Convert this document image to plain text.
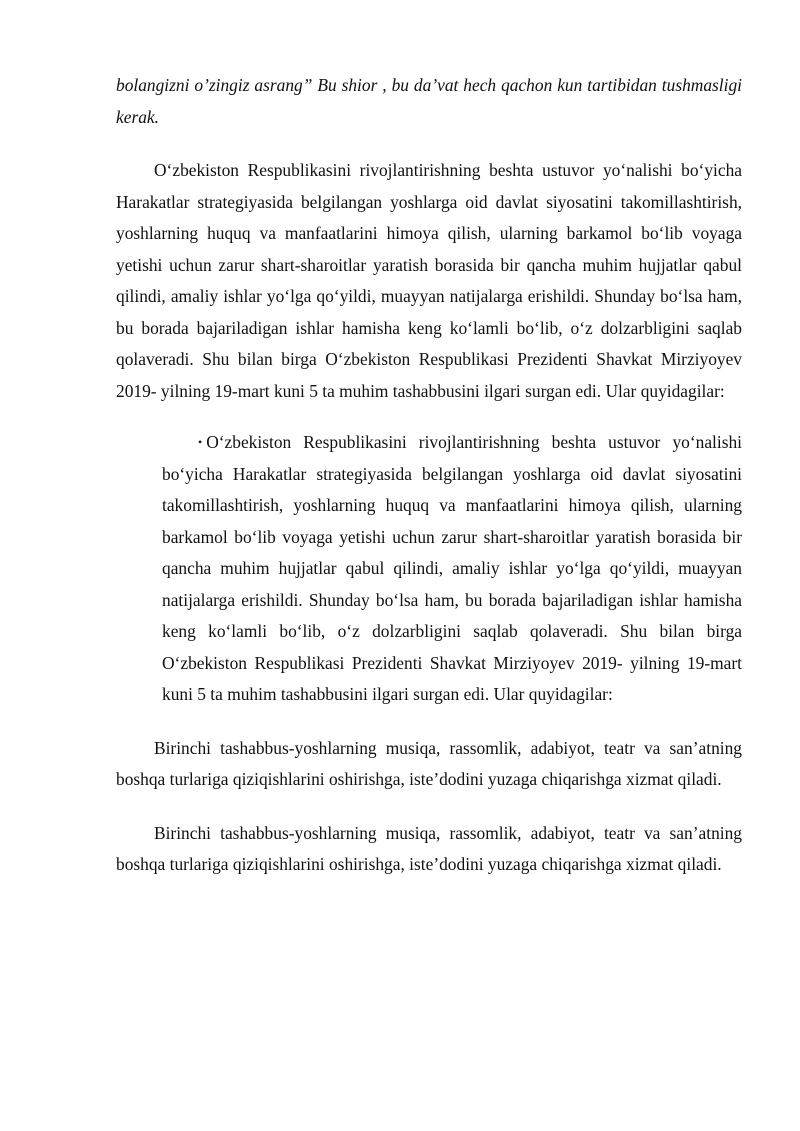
bolangizni o’zingiz asrang” Bu shior , bu da’vat hech qachon kun tartibidan tushmasligi kerak.

O‘zbekiston Respublikasini rivojlantirishning beshta ustuvor yo‘nalishi bo‘yicha Harakatlar strategiyasida belgilangan yoshlarga oid davlat siyosatini takomillashtirish, yoshlarning huquq va manfaatlarini himoya qilish, ularning barkamol bo‘lib voyaga yetishi uchun zarur shart-sharoitlar yaratish borasida bir qancha muhim hujjatlar qabul qilindi, amaliy ishlar yo‘lga qo‘yildi, muayyan natijalarga erishildi. Shunday bo‘lsa ham, bu borada bajariladigan ishlar hamisha keng ko‘lamli bo‘lib, o‘z dolzarbligini saqlab qolaveradi. Shu bilan birga O‘zbekiston Respublikasi Prezidenti Shavkat Mirziyoyev 2019- yilning 19-mart kuni 5 ta muhim tashabbusini ilgari surgan edi. Ular quyidagilar:

• O‘zbekiston Respublikasini rivojlantirishning beshta ustuvor yo‘nalishi bo‘yicha Harakatlar strategiyasida belgilangan yoshlarga oid davlat siyosatini takomillashtirish, yoshlarning huquq va manfaatlarini himoya qilish, ularning barkamol bo‘lib voyaga yetishi uchun zarur shart-sharoitlar yaratish borasida bir qancha muhim hujjatlar qabul qilindi, amaliy ishlar yo‘lga qo‘yildi, muayyan natijalarga erishildi. Shunday bo‘lsa ham, bu borada bajariladigan ishlar hamisha keng ko‘lamli bo‘lib, o‘z dolzarbligini saqlab qolaveradi. Shu bilan birga O‘zbekiston Respublikasi Prezidenti Shavkat Mirziyoyev 2019- yilning 19-mart kuni 5 ta muhim tashabbusini ilgari surgan edi. Ular quyidagilar:

Birinchi tashabbus-yoshlarning musiqa, rassomlik, adabiyot, teatr va san’atning boshqa turlariga qiziqishlarini oshirishga, iste’dodini yuzaga chiqarishga xizmat qiladi.

Birinchi tashabbus-yoshlarning musiqa, rassomlik, adabiyot, teatr va san’atning boshqa turlariga qiziqishlarini oshirishga, iste’dodini yuzaga chiqarishga xizmat qiladi.
